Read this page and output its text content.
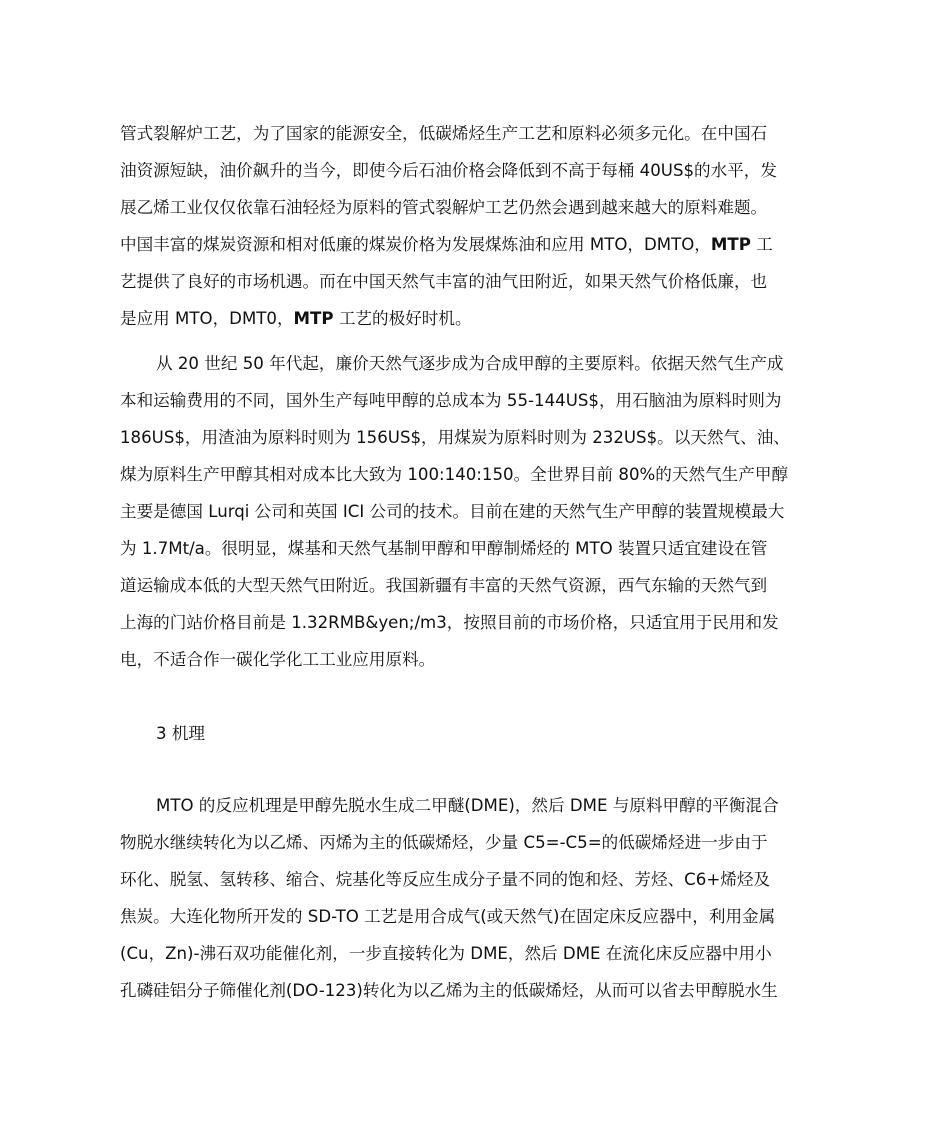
管式裂解炉工艺，为了国家的能源安全，低碳烯烃生产工艺和原料必须多元化。在中国石
油资源短缺，油价飙升的当今，即使今后石油价格会降低到不高于每桶 40US$的水平，发
展乙烯工业仅仅依靠石油轻烃为原料的管式裂解炉工艺仍然会遇到越来越大的原料难题。
中国丰富的煤炭资源和相对低廉的煤炭价格为发展煤炼油和应用 MTO，DMTO，MTP 工
艺提供了良好的市场机遇。而在中国天然气丰富的油气田附近，如果天然气价格低廉，也
是应用 MTO，DMT0，MTP 工艺的极好时机。
从 20 世纪 50 年代起，廉价天然气逐步成为合成甲醇的主要原料。依据天然气生产成
本和运输费用的不同，国外生产每吨甲醇的总成本为 55-144US$，用石脑油为原料时则为
186US$，用渣油为原料时则为 156US$，用煤炭为原料时则为 232US$。以天然气、油、
煤为原料生产甲醇其相对成本比大致为 100:140:150。全世界目前 80%的天然气生产甲醇
主要是德国 Lurqi 公司和英国 ICI 公司的技术。目前在建的天然气生产甲醇的装置规模最大
为 1.7Mt/a。很明显，煤基和天然气基制甲醇和甲醇制烯烃的 MTO 装置只适宜建设在管
道运输成本低的大型天然气田附近。我国新疆有丰富的天然气资源，西气东输的天然气到
上海的门站价格目前是 1.32RMB&yen;/m3，按照目前的市场价格，只适宜用于民用和发
电，不适合作一碳化学化工工业应用原料。
3 机理
MTO 的反应机理是甲醇先脱水生成二甲醚(DME)，然后 DME 与原料甲醇的平衡混合
物脱水继续转化为以乙烯、丙烯为主的低碳烯烃，少量 C5=-C5=的低碳烯烃进一步由于
环化、脱氢、氢转移、缩合、烷基化等反应生成分子量不同的饱和烃、芳烃、C6+烯烃及
焦炭。大连化物所开发的 SD-TO 工艺是用合成气(或天然气)在固定床反应器中，利用金属
(Cu，Zn)-沸石双功能催化剂，一步直接转化为 DME，然后 DME 在流化床反应器中用小
孔磷硅铝分子筛催化剂(DO-123)转化为以乙烯为主的低碳烯烃，从而可以省去甲醇脱水生
